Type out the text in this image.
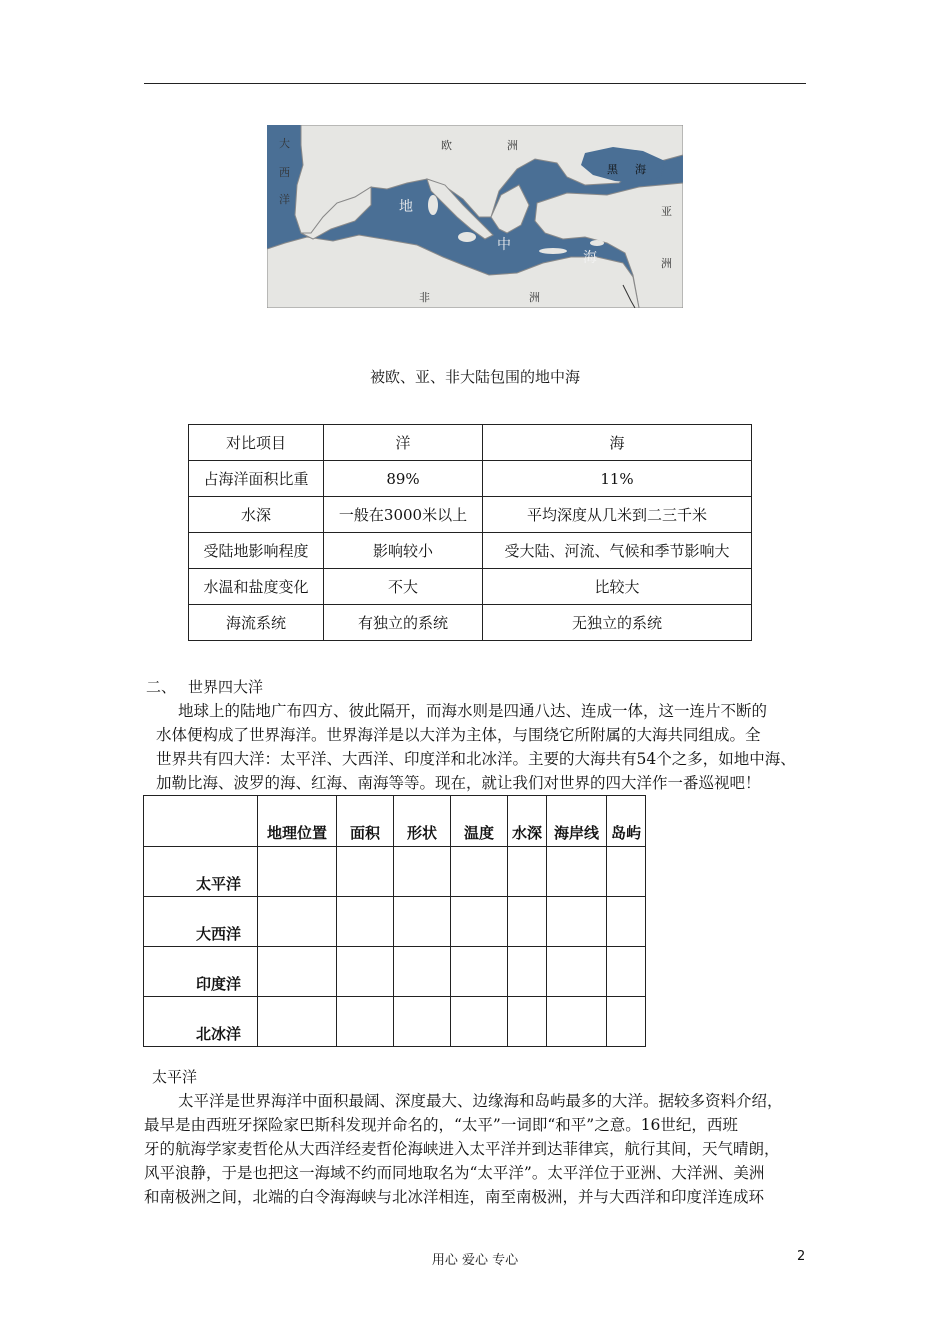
大
西
洋
欧	洲
黑 海
亚
洲
非	洲
地
中
海
被欧、亚、非大陆包围的地中海
对比项目	洋	海
占海洋面积比重	89%	11%
水深	一般在3000米以上	平均深度从几米到二三千米
受陆地影响程度	影响较小	受大陆、河流、气候和季节影响大
水温和盐度变化	不大	比较大
海流系统	有独立的系统	无独立的系统
二、 世界四大洋
地球上的陆地广布四方、彼此隔开，而海水则是四通八达、连成一体，这一连片不断的
水体便构成了世界海洋。世界海洋是以大洋为主体，与围绕它所附属的大海共同组成。全
世界共有四大洋：太平洋、大西洋、印度洋和北冰洋。主要的大海共有54个之多，如地中海、
加勒比海、波罗的海、红海、南海等等。现在，就让我们对世界的四大洋作一番巡视吧！
	地理位置	面积	形状	温度	水深	海岸线	岛屿
太平洋							
大西洋							
印度洋							
北冰洋							
太平洋
太平洋是世界海洋中面积最阔、深度最大、边缘海和岛屿最多的大洋。据较多资料介绍，
最早是由西班牙探险家巴斯科发现并命名的，“太平”一词即“和平”之意。16世纪，西班
牙的航海学家麦哲伦从大西洋经麦哲伦海峡进入太平洋并到达菲律宾，航行其间，天气晴朗，
风平浪静，于是也把这一海域不约而同地取名为“太平洋”。太平洋位于亚洲、大洋洲、美洲
和南极洲之间，北端的白令海海峡与北冰洋相连，南至南极洲，并与大西洋和印度洋连成环
用心 爱心 专心	2
